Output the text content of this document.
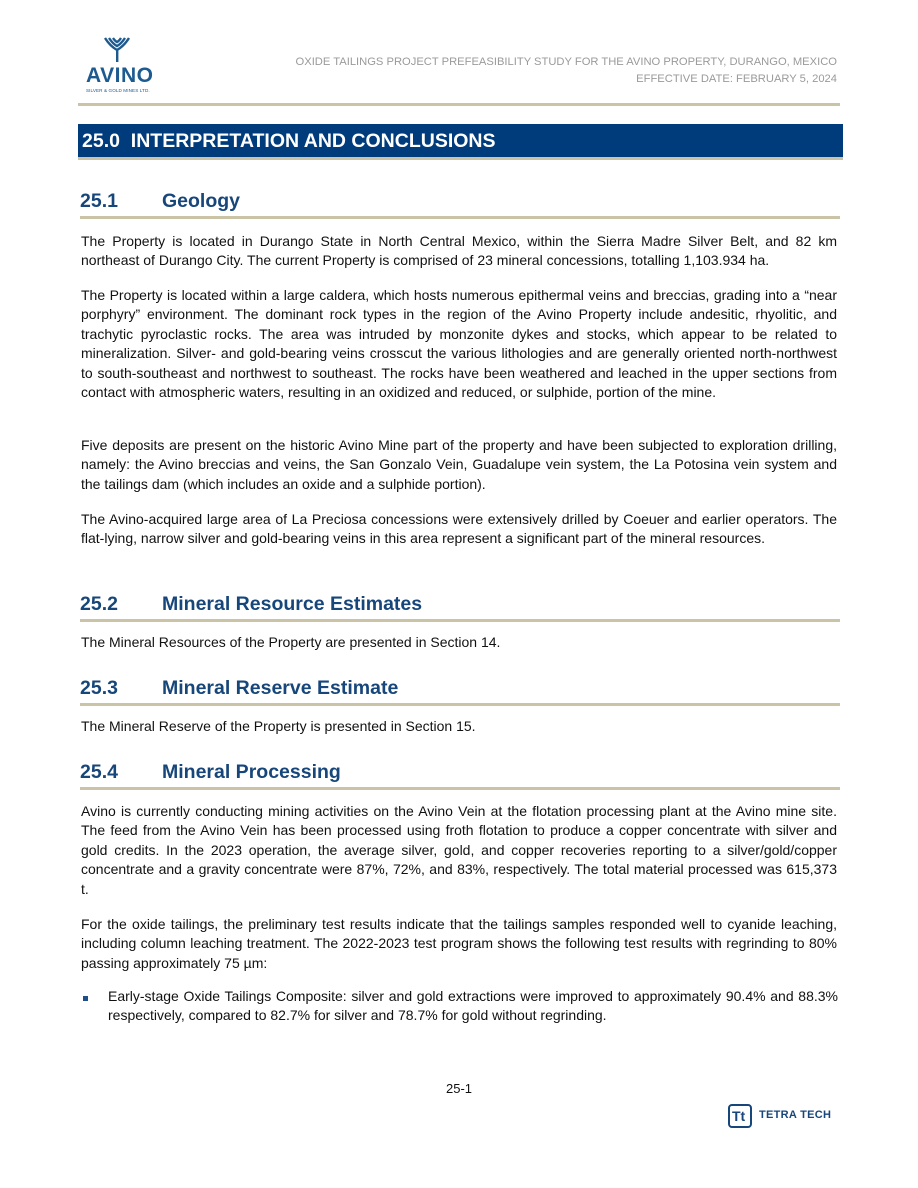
AVINO
SILVER & GOLD MINES LTD.
OXIDE TAILINGS PROJECT PREFEASIBILITY STUDY FOR THE AVINO PROPERTY, DURANGO, MEXICO
EFFECTIVE DATE: FEBRUARY 5, 2024
25.0 INTERPRETATION AND CONCLUSIONS
25.1 Geology

The Property is located in Durango State in North Central Mexico, within the Sierra Madre Silver Belt, and 82 km northeast of Durango City. The current Property is comprised of 23 mineral concessions, totalling 1,103.934 ha.

The Property is located within a large caldera, which hosts numerous epithermal veins and breccias, grading into a “near porphyry” environment. The dominant rock types in the region of the Avino Property include andesitic, rhyolitic, and trachytic pyroclastic rocks. The area was intruded by monzonite dykes and stocks, which appear to be related to mineralization. Silver- and gold-bearing veins crosscut the various lithologies and are generally oriented north-northwest to south-southeast and northwest to southeast. The rocks have been weathered and leached in the upper sections from contact with atmospheric waters, resulting in an oxidized and reduced, or sulphide, portion of the mine.

Five deposits are present on the historic Avino Mine part of the property and have been subjected to exploration drilling, namely: the Avino breccias and veins, the San Gonzalo Vein, Guadalupe vein system, the La Potosina vein system and the tailings dam (which includes an oxide and a sulphide portion).

The Avino-acquired large area of La Preciosa concessions were extensively drilled by Coeuer and earlier operators. The flat-lying, narrow silver and gold-bearing veins in this area represent a significant part of the mineral resources.

25.2 Mineral Resource Estimates

The Mineral Resources of the Property are presented in Section 14.

25.3 Mineral Reserve Estimate

The Mineral Reserve of the Property is presented in Section 15.

25.4 Mineral Processing

Avino is currently conducting mining activities on the Avino Vein at the flotation processing plant at the Avino mine site. The feed from the Avino Vein has been processed using froth flotation to produce a copper concentrate with silver and gold credits. In the 2023 operation, the average silver, gold, and copper recoveries reporting to a silver/gold/copper concentrate and a gravity concentrate were 87%, 72%, and 83%, respectively. The total material processed was 615,373 t.

For the oxide tailings, the preliminary test results indicate that the tailings samples responded well to cyanide leaching, including column leaching treatment. The 2022-2023 test program shows the following test results with regrinding to 80% passing approximately 75 µm:

Early-stage Oxide Tailings Composite: silver and gold extractions were improved to approximately 90.4% and 88.3% respectively, compared to 82.7% for silver and 78.7% for gold without regrinding.

25-1
Tt TETRA TECH
